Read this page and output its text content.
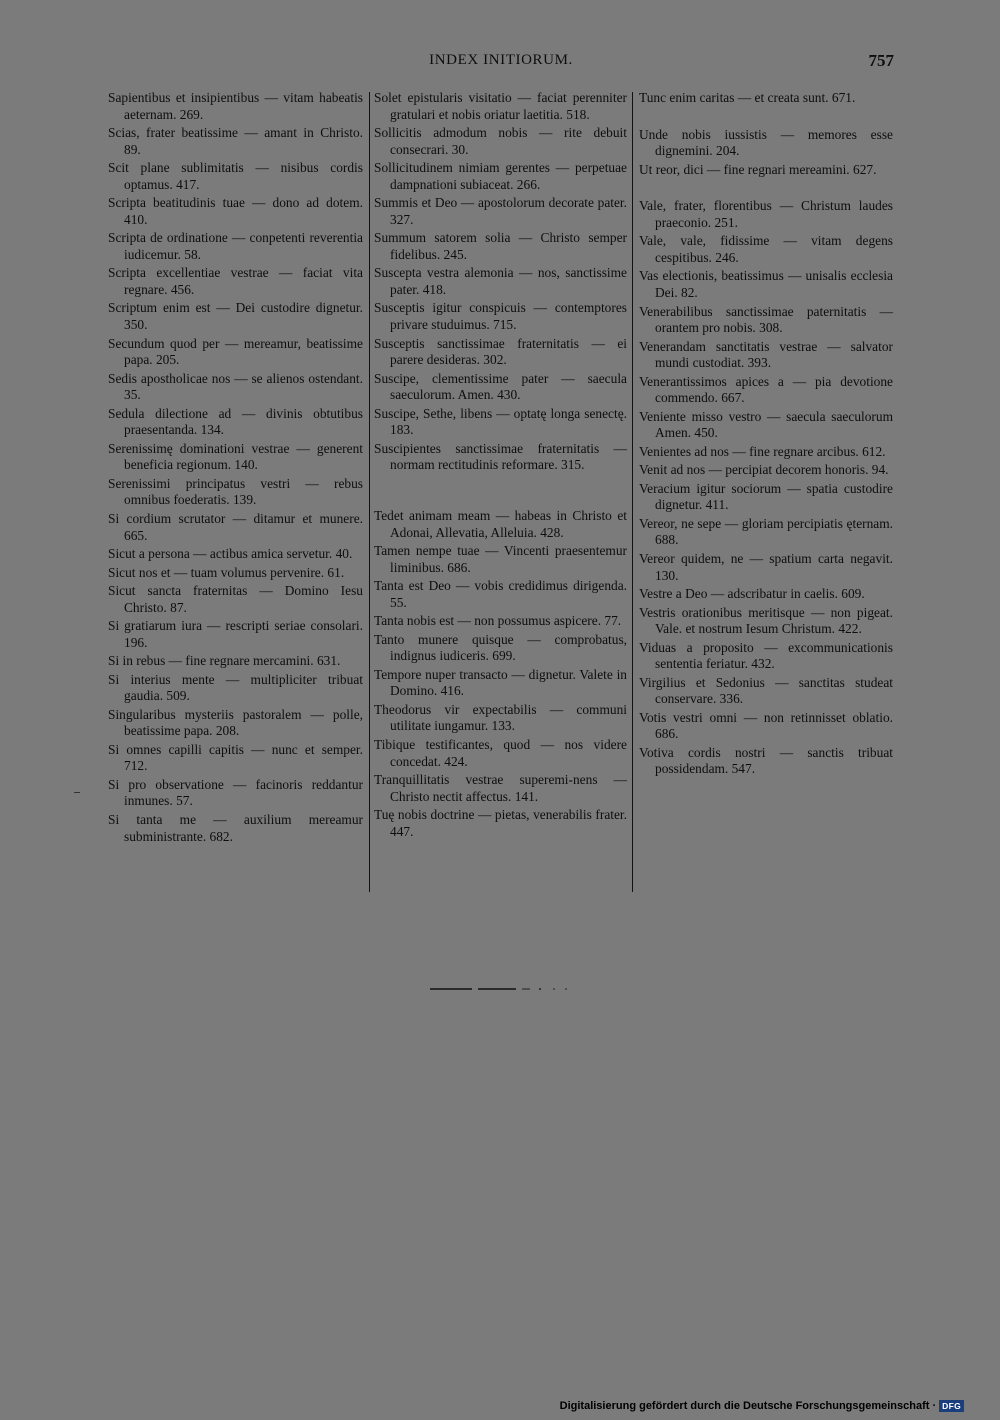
INDEX INITIORUM.	757

Sapientibus et insipientibus — vitam habeatis aeternam. 269.

Scias, frater beatissime — amant in Christo. 89.

Scit plane sublimitatis — nisibus cordis optamus. 417.

Scripta beatitudinis tuae — dono ad dotem. 410.

Scripta de ordinatione — conpetenti reverentia iudicemur. 58.

Scripta excellentiae vestrae — faciat vita regnare. 456.

Scriptum enim est — Dei custodire dignetur. 350.

Secundum quod per — mereamur, beatissime papa. 205.

Sedis apostholicae nos — se alienos ostendant. 35.

Sedula dilectione ad — divinis obtutibus praesentanda. 134.

Serenissimę dominationi vestrae — generent beneficia regionum. 140.

Serenissimi principatus vestri — rebus omnibus foederatis. 139.

Si cordium scrutator — ditamur et munere. 665.

Sicut a persona — actibus amica servetur. 40.

Sicut nos et — tuam volumus pervenire. 61.

Sicut sancta fraternitas — Domino Iesu Christo. 87.

Si gratiarum iura — rescripti seriae consolari. 196.

Si in rebus — fine regnare mercamini. 631.

Si interius mente — multipliciter tribuat gaudia. 509.

Singularibus mysteriis pastoralem — polle, beatissime papa. 208.

Si omnes capilli capitis — nunc et semper. 712.

Si pro observatione — facinoris reddantur inmunes. 57.

Si tanta me — auxilium mereamur subministrante. 682.

Solet epistularis visitatio — faciat perenniter gratulari et nobis oriatur laetitia. 518.

Sollicitis admodum nobis — rite debuit consecrari. 30.

Sollicitudinem nimiam gerentes — perpetuae dampnationi subiaceat. 266.

Summis et Deo — apostolorum decorate pater. 327.

Summum satorem solia — Christo semper fidelibus. 245.

Suscepta vestra alemonia — nos, sanctissime pater. 418.

Susceptis igitur conspicuis — contemptores privare studuimus. 715.

Susceptis sanctissimae fraternitatis — ei parere desideras. 302.

Suscipe, clementissime pater — saecula saeculorum. Amen. 430.

Suscipe, Sethe, libens — optatę longa senectę. 183.

Suscipientes sanctissimae fraternitatis — normam rectitudinis reformare. 315.

Tedet animam meam — habeas in Christo et Adonai, Allevatia, Alleluia. 428.

Tamen nempe tuae — Vincenti praesentemur liminibus. 686.

Tanta est Deo — vobis credidimus dirigenda. 55.

Tanta nobis est — non possumus aspicere. 77.

Tanto munere quisque — comprobatus, indignus iudiceris. 699.

Tempore nuper transacto — dignetur. Valete in Domino. 416.

Theodorus vir expectabilis — communi utilitate iungamur. 133.

Tibique testificantes, quod — nos videre concedat. 424.

Tranquillitatis vestrae superemi-nens — Christo nectit affectus. 141.

Tuę nobis doctrine — pietas, venerabilis frater. 447.

Tunc enim caritas — et creata sunt. 671.

Unde nobis iussistis — memores esse dignemini. 204.

Ut reor, dici — fine regnari mereamini. 627.

Vale, frater, florentibus — Christum laudes praeconio. 251.

Vale, vale, fidissime — vitam degens cespitibus. 246.

Vas electionis, beatissimus — unisalis ecclesia Dei. 82.

Venerabilibus sanctissimae paternitatis — orantem pro nobis. 308.

Venerandam sanctitatis vestrae — salvator mundi custodiat. 393.

Venerantissimos apices a — pia devotione commendo. 667.

Veniente misso vestro — saecula saeculorum Amen. 450.

Venientes ad nos — fine regnare arcibus. 612.

Venit ad nos — percipiat decorem honoris. 94.

Veracium igitur sociorum — spatia custodire dignetur. 411.

Vereor, ne sepe — gloriam percipiatis ęternam. 688.

Vereor quidem, ne — spatium carta negavit. 130.

Vestre a Deo — adscribatur in caelis. 609.

Vestris orationibus meritisque — non pigeat. Vale. et nostrum Iesum Christum. 422.

Viduas a proposito — excommunicationis sententia feriatur. 432.

Virgilius et Sedonius — sanctitas studeat conservare. 336.

Votis vestri omni — non retinnisset oblatio. 686.

Votiva cordis nostri — sanctis tribuat possidendam. 547.

Digitalisierung gefördert durch die Deutsche Forschungsgemeinschaft · DFG
